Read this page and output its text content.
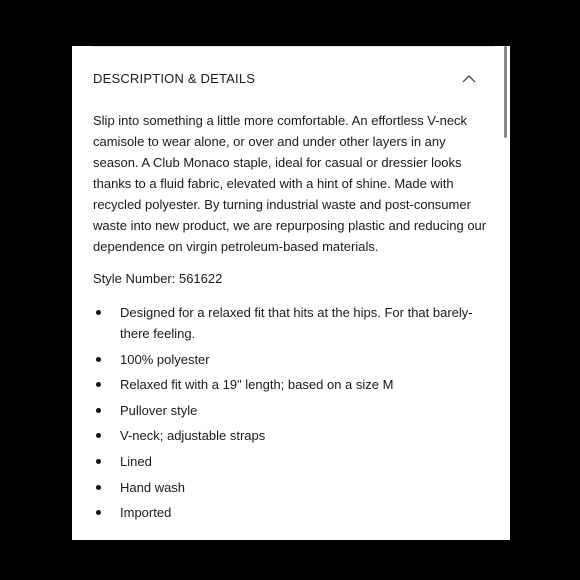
DESCRIPTION & DETAILS

Slip into something a little more comfortable. An effortless V-neck camisole to wear alone, or over and under other layers in any season. A Club Monaco staple, ideal for casual or dressier looks thanks to a fluid fabric, elevated with a hint of shine. Made with recycled polyester. By turning industrial waste and post-consumer waste into new product, we are repurposing plastic and reducing our dependence on virgin petroleum-based materials.

Style Number: 561622

Designed for a relaxed fit that hits at the hips. For that barely-there feeling.
100% polyester
Relaxed fit with a 19" length; based on a size M
Pullover style
V-neck; adjustable straps
Lined
Hand wash
Imported
